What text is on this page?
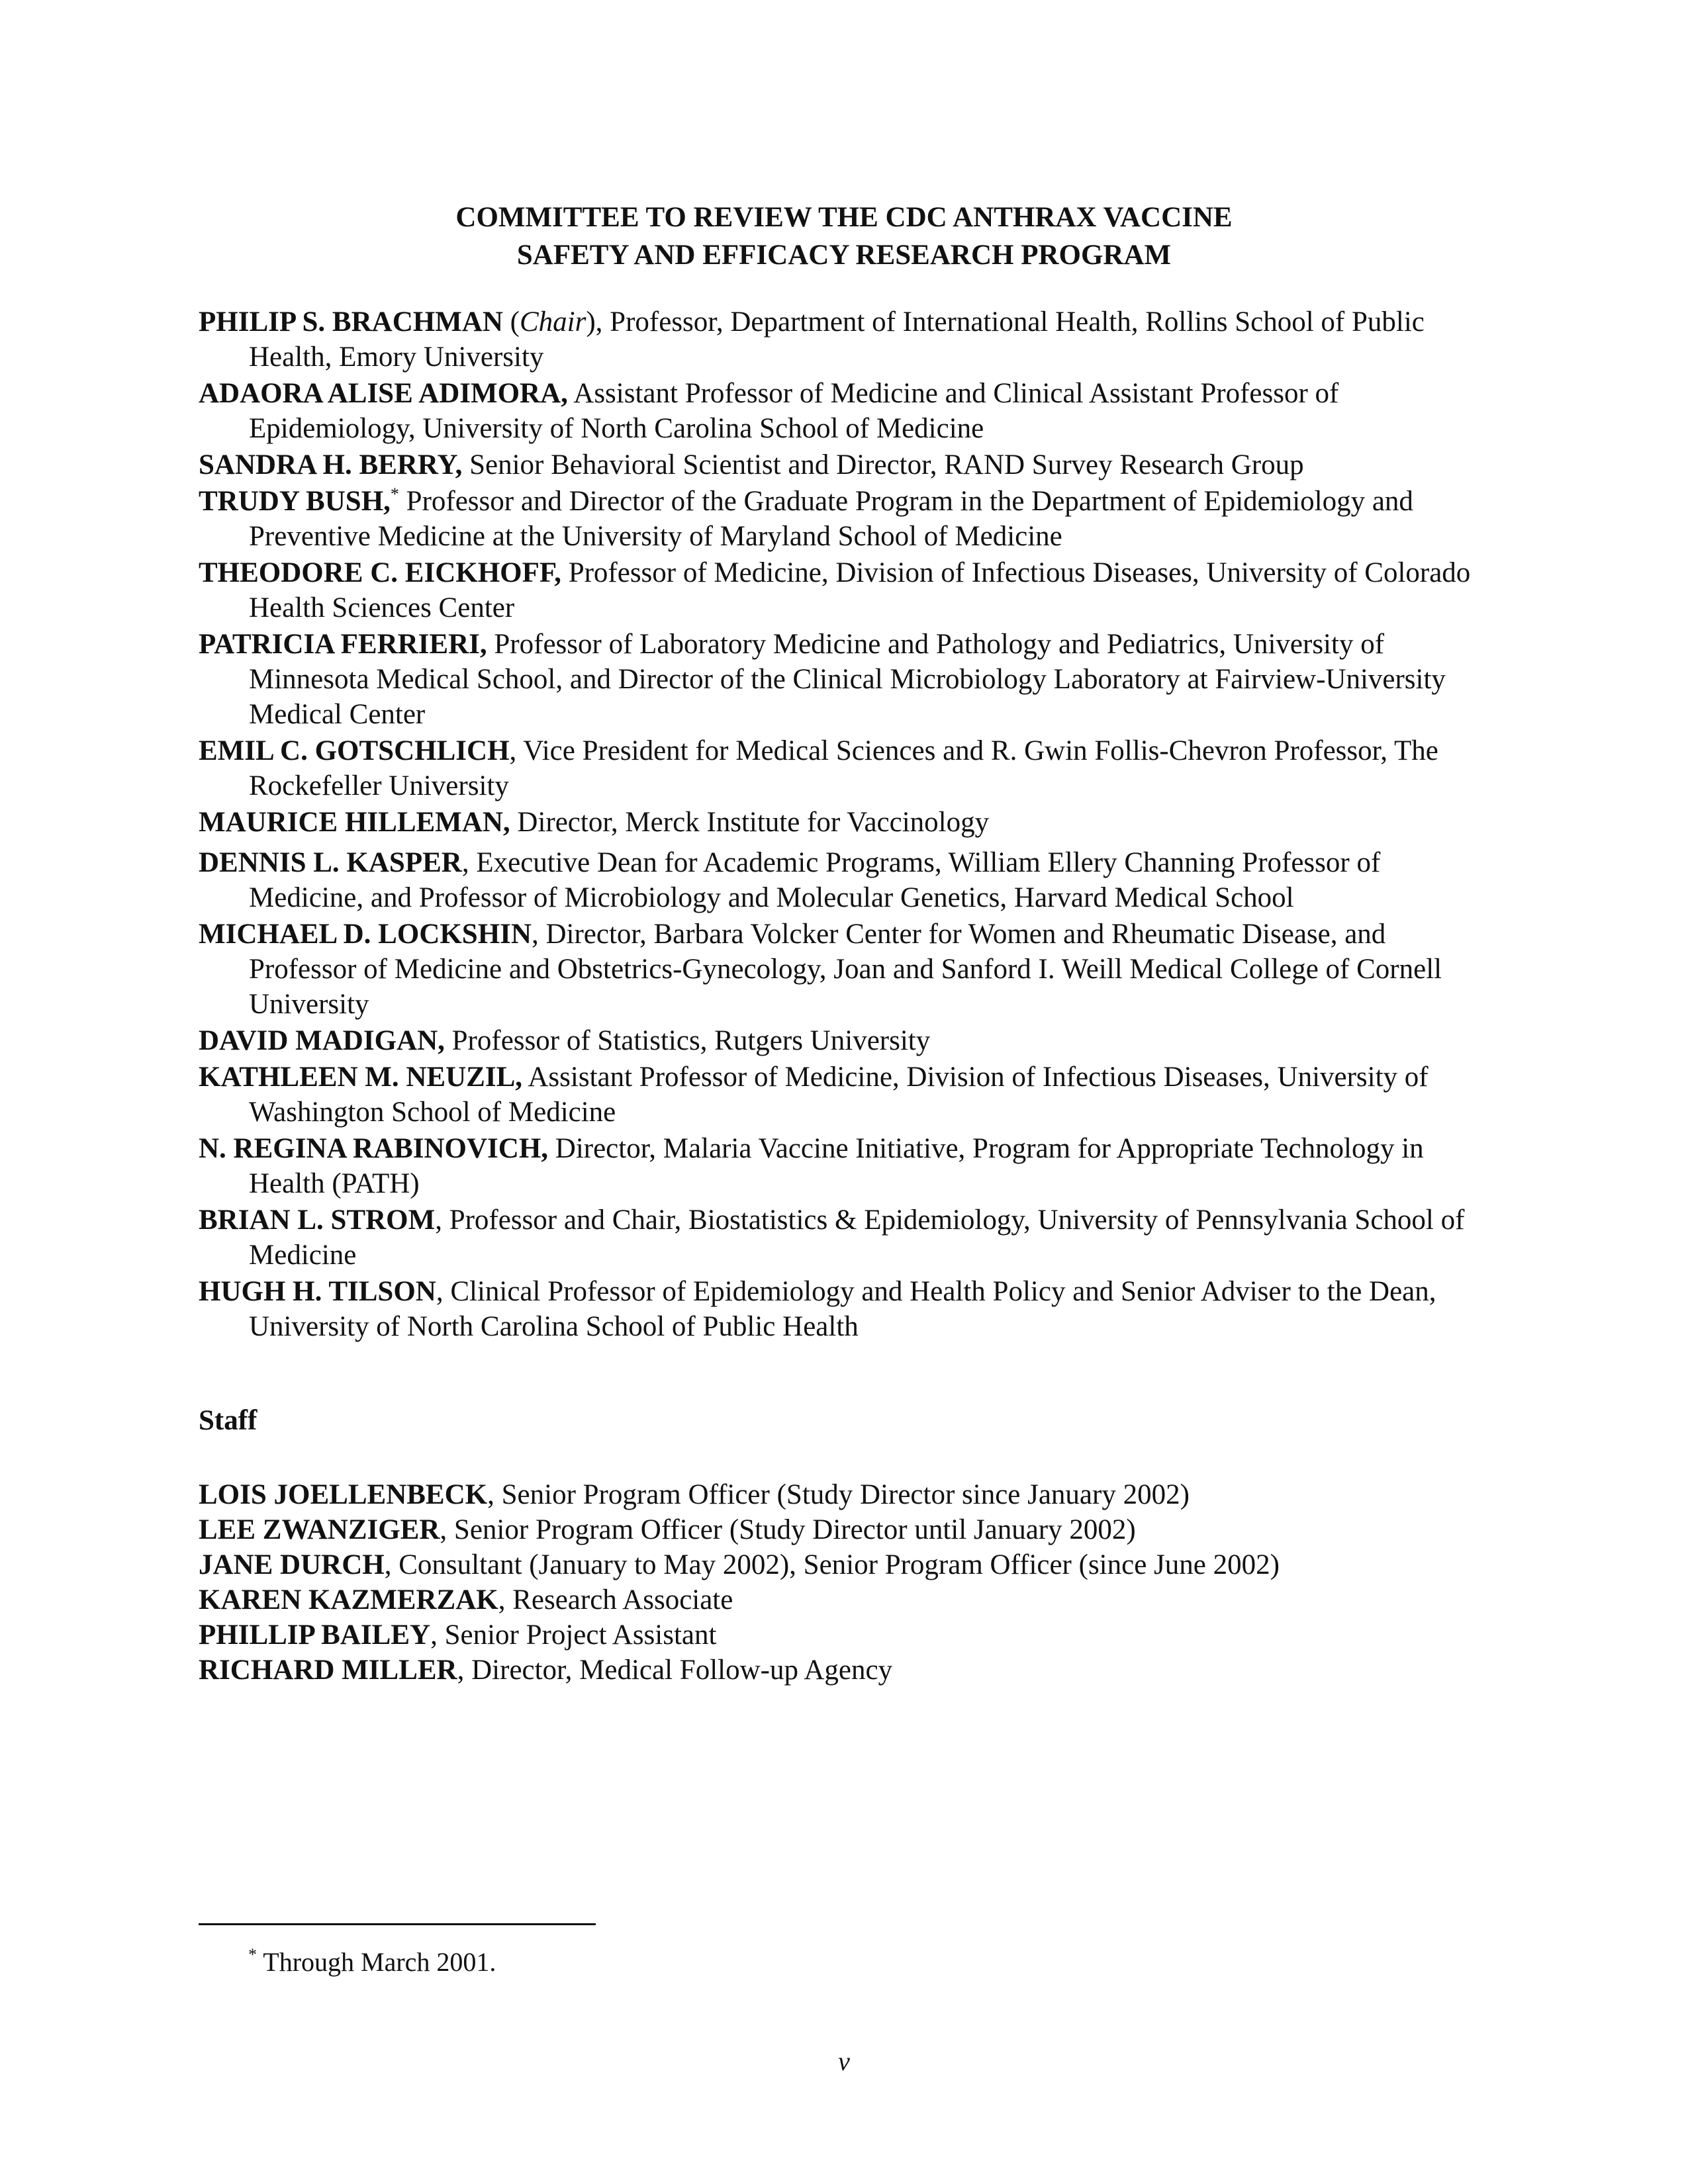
COMMITTEE TO REVIEW THE CDC ANTHRAX VACCINE
SAFETY AND EFFICACY RESEARCH PROGRAM
PHILIP S. BRACHMAN (Chair), Professor, Department of International Health, Rollins School of Public Health, Emory University
ADAORA ALISE ADIMORA, Assistant Professor of Medicine and Clinical Assistant Professor of Epidemiology, University of North Carolina School of Medicine
SANDRA H. BERRY, Senior Behavioral Scientist and Director, RAND Survey Research Group
TRUDY BUSH,* Professor and Director of the Graduate Program in the Department of Epidemiology and Preventive Medicine at the University of Maryland School of Medicine
THEODORE C. EICKHOFF, Professor of Medicine, Division of Infectious Diseases, University of Colorado Health Sciences Center
PATRICIA FERRIERI, Professor of Laboratory Medicine and Pathology and Pediatrics, University of Minnesota Medical School, and Director of the Clinical Microbiology Laboratory at Fairview-University Medical Center
EMIL C. GOTSCHLICH, Vice President for Medical Sciences and R. Gwin Follis-Chevron Professor, The Rockefeller University
MAURICE HILLEMAN, Director, Merck Institute for Vaccinology
DENNIS L. KASPER, Executive Dean for Academic Programs, William Ellery Channing Professor of Medicine, and Professor of Microbiology and Molecular Genetics, Harvard Medical School
MICHAEL D. LOCKSHIN, Director, Barbara Volcker Center for Women and Rheumatic Disease, and Professor of Medicine and Obstetrics-Gynecology, Joan and Sanford I. Weill Medical College of Cornell University
DAVID MADIGAN, Professor of Statistics, Rutgers University
KATHLEEN M. NEUZIL, Assistant Professor of Medicine, Division of Infectious Diseases, University of Washington School of Medicine
N. REGINA RABINOVICH, Director, Malaria Vaccine Initiative, Program for Appropriate Technology in Health (PATH)
BRIAN L. STROM, Professor and Chair, Biostatistics & Epidemiology, University of Pennsylvania School of Medicine
HUGH H. TILSON, Clinical Professor of Epidemiology and Health Policy and Senior Adviser to the Dean, University of North Carolina School of Public Health
Staff
LOIS JOELLENBECK, Senior Program Officer (Study Director since January 2002)
LEE ZWANZIGER, Senior Program Officer (Study Director until January 2002)
JANE DURCH, Consultant (January to May 2002), Senior Program Officer (since June 2002)
KAREN KAZMERZAK, Research Associate
PHILLIP BAILEY, Senior Project Assistant
RICHARD MILLER, Director, Medical Follow-up Agency
* Through March 2001.
v
